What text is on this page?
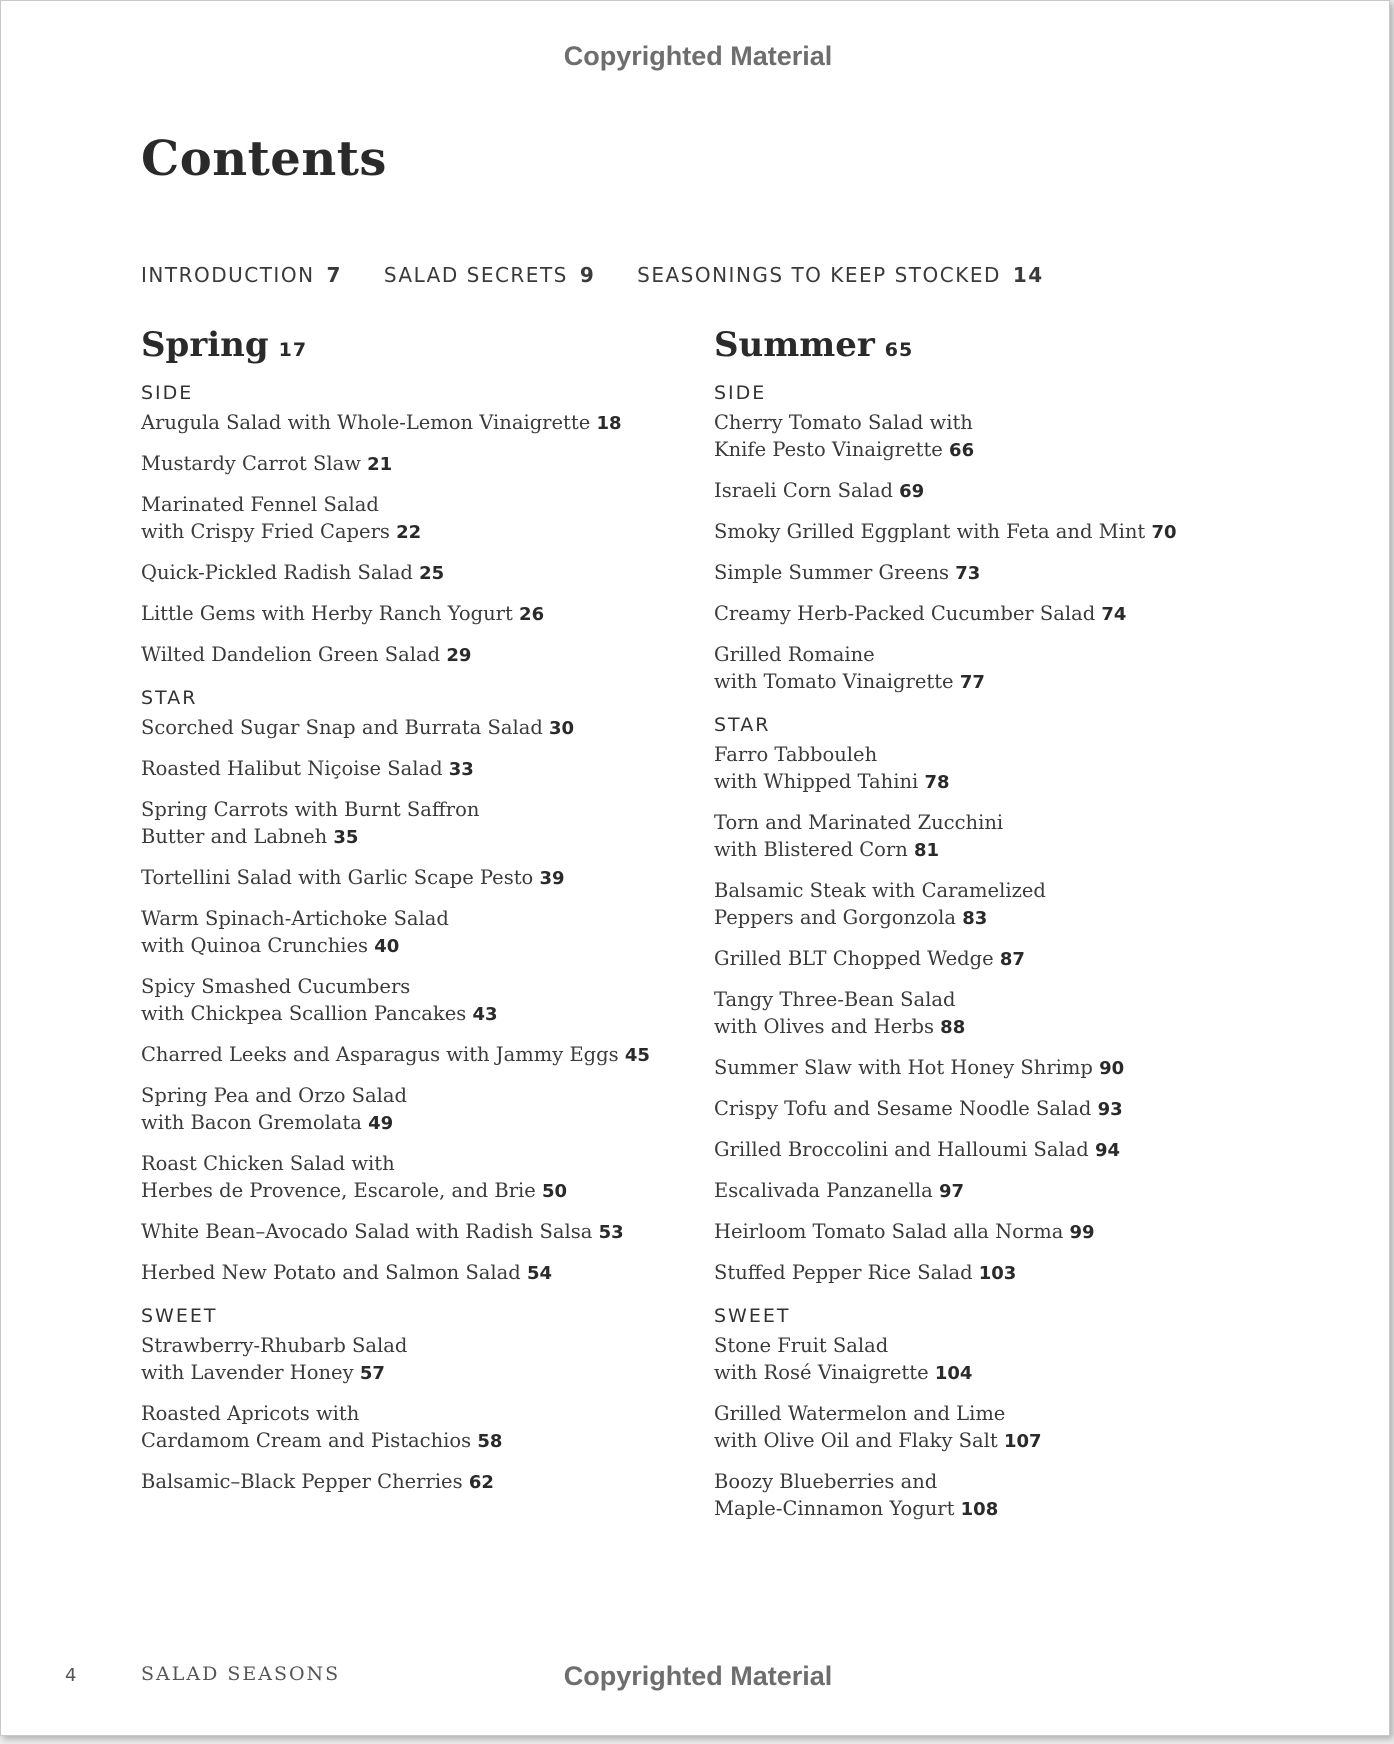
Copyrighted Material
Contents
INTRODUCTION 7 SALAD SECRETS 9 SEASONINGS TO KEEP STOCKED 14
Spring 17
SIDE
Arugula Salad with Whole-Lemon Vinaigrette 18
Mustardy Carrot Slaw 21
Marinated Fennel Salad
with Crispy Fried Capers 22
Quick-Pickled Radish Salad 25
Little Gems with Herby Ranch Yogurt 26
Wilted Dandelion Green Salad 29
STAR
Scorched Sugar Snap and Burrata Salad 30
Roasted Halibut Niçoise Salad 33
Spring Carrots with Burnt Saffron
Butter and Labneh 35
Tortellini Salad with Garlic Scape Pesto 39
Warm Spinach-Artichoke Salad
with Quinoa Crunchies 40
Spicy Smashed Cucumbers
with Chickpea Scallion Pancakes 43
Charred Leeks and Asparagus with Jammy Eggs 45
Spring Pea and Orzo Salad
with Bacon Gremolata 49
Roast Chicken Salad with
Herbes de Provence, Escarole, and Brie 50
White Bean–Avocado Salad with Radish Salsa 53
Herbed New Potato and Salmon Salad 54
SWEET
Strawberry-Rhubarb Salad
with Lavender Honey 57
Roasted Apricots with
Cardamom Cream and Pistachios 58
Balsamic–Black Pepper Cherries 62
Summer 65
SIDE
Cherry Tomato Salad with
Knife Pesto Vinaigrette 66
Israeli Corn Salad 69
Smoky Grilled Eggplant with Feta and Mint 70
Simple Summer Greens 73
Creamy Herb-Packed Cucumber Salad 74
Grilled Romaine
with Tomato Vinaigrette 77
STAR
Farro Tabbouleh
with Whipped Tahini 78
Torn and Marinated Zucchini
with Blistered Corn 81
Balsamic Steak with Caramelized
Peppers and Gorgonzola 83
Grilled BLT Chopped Wedge 87
Tangy Three-Bean Salad
with Olives and Herbs 88
Summer Slaw with Hot Honey Shrimp 90
Crispy Tofu and Sesame Noodle Salad 93
Grilled Broccolini and Halloumi Salad 94
Escalivada Panzanella 97
Heirloom Tomato Salad alla Norma 99
Stuffed Pepper Rice Salad 103
SWEET
Stone Fruit Salad
with Rosé Vinaigrette 104
Grilled Watermelon and Lime
with Olive Oil and Flaky Salt 107
Boozy Blueberries and
Maple-Cinnamon Yogurt 108
4	SALAD SEASONS	Copyrighted Material
